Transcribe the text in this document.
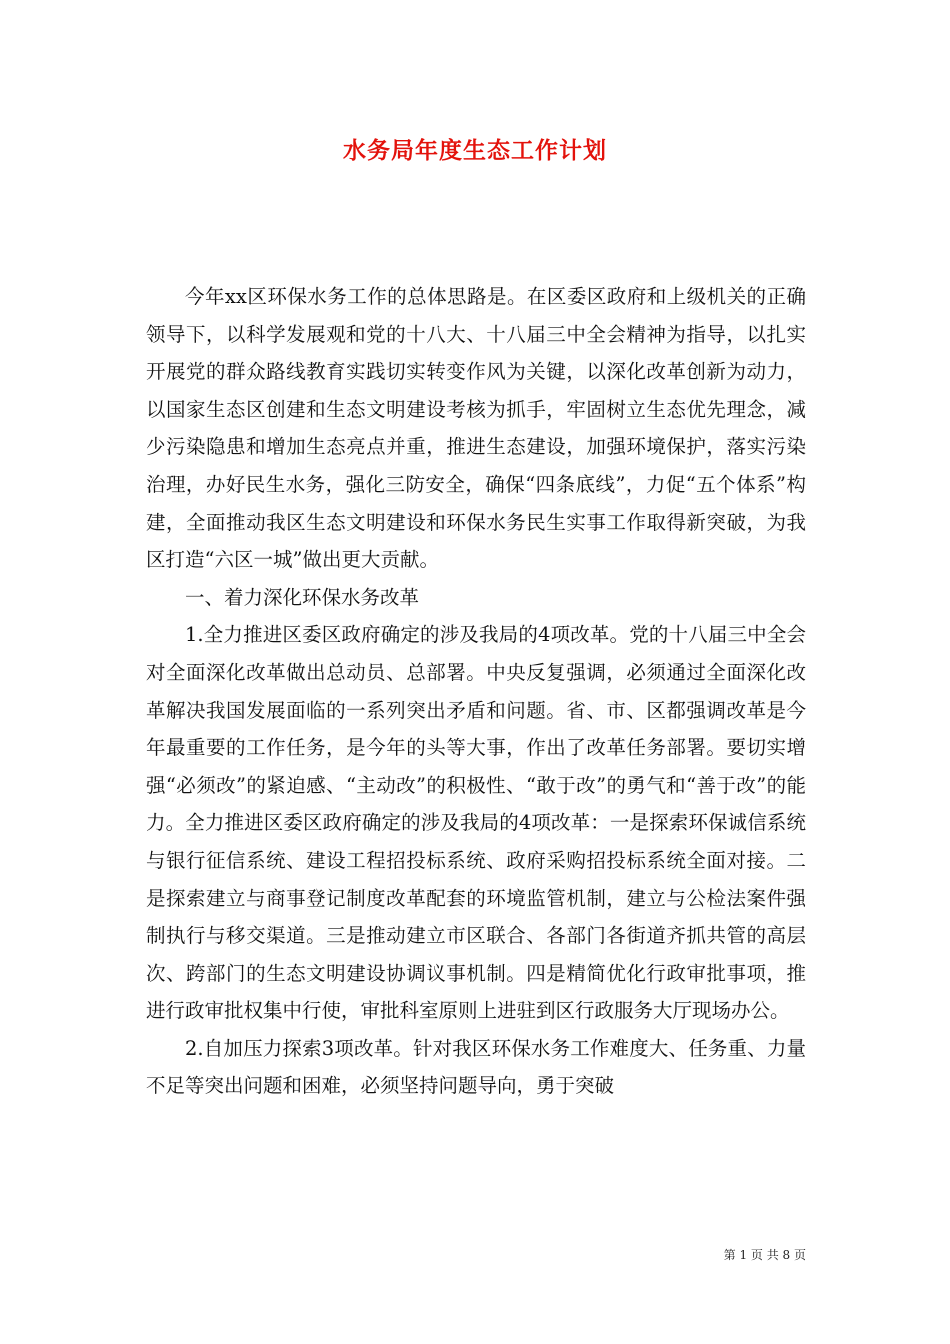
水务局年度生态工作计划

今年xx区环保水务工作的总体思路是。在区委区政府和上级机关的正确领导下，以科学发展观和党的十八大、十八届三中全会精神为指导，以扎实开展党的群众路线教育实践切实转变作风为关键，以深化改革创新为动力，以国家生态区创建和生态文明建设考核为抓手，牢固树立生态优先理念，减少污染隐患和增加生态亮点并重，推进生态建设，加强环境保护，落实污染治理，办好民生水务，强化三防安全，确保“四条底线”，力促“五个体系”构建，全面推动我区生态文明建设和环保水务民生实事工作取得新突破，为我区打造“六区一城”做出更大贡献。

一、着力深化环保水务改革

1.全力推进区委区政府确定的涉及我局的4项改革。党的十八届三中全会对全面深化改革做出总动员、总部署。中央反复强调，必须通过全面深化改革解决我国发展面临的一系列突出矛盾和问题。省、市、区都强调改革是今年最重要的工作任务，是今年的头等大事，作出了改革任务部署。要切实增强“必须改”的紧迫感、“主动改”的积极性、“敢于改”的勇气和“善于改”的能力。全力推进区委区政府确定的涉及我局的4项改革：一是探索环保诚信系统与银行征信系统、建设工程招投标系统、政府采购招投标系统全面对接。二是探索建立与商事登记制度改革配套的环境监管机制，建立与公检法案件强制执行与移交渠道。三是推动建立市区联合、各部门各街道齐抓共管的高层次、跨部门的生态文明建设协调议事机制。四是精简优化行政审批事项，推进行政审批权集中行使，审批科室原则上进驻到区行政服务大厅现场办公。

2.自加压力探索3项改革。针对我区环保水务工作难度大、任务重、力量不足等突出问题和困难，必须坚持问题导向，勇于突破

第 1 页 共 8 页
